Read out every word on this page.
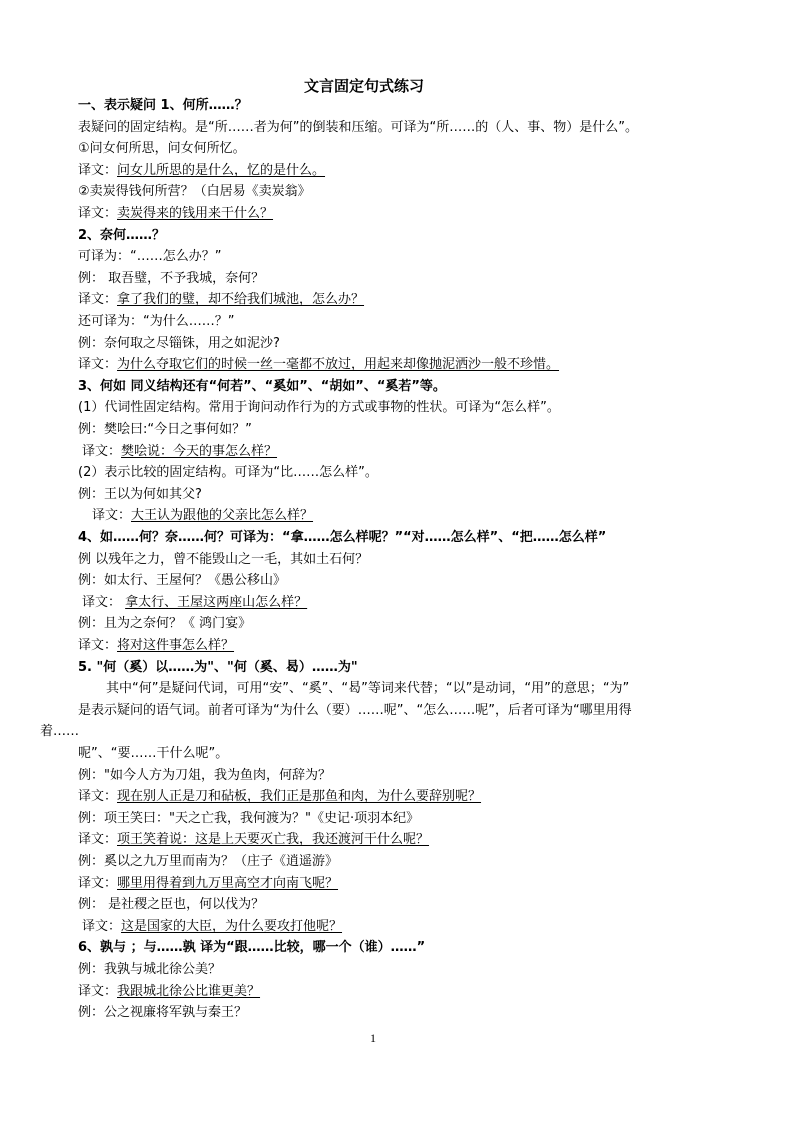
文言固定句式练习
一、表示疑问 1、何所……？
表疑问的固定结构。是“所……者为何”的倒装和压缩。可译为“所……的（人、事、物）是什么”。
①问女何所思，问女何所忆。
译文：问女儿所思的是什么，忆的是什么。
②卖炭得钱何所营？（白居易《卖炭翁》
译文：卖炭得来的钱用来干什么？
2、奈何……？
可译为：“……怎么办？”
例： 取吾璧，不予我城，奈何？
译文：拿了我们的璧，却不给我们城池，怎么办？
还可译为：“为什么……？”
例：奈何取之尽锱铢，用之如泥沙?
译文：为什么夺取它们的时候一丝一毫都不放过，用起来却像抛泥洒沙一般不珍惜。
3、何如 同义结构还有“何若”、“奚如”、“胡如”、“奚若”等。
(1）代词性固定结构。常用于询问动作行为的方式或事物的性状。可译为“怎么样”。
例：樊哙曰:“今日之事何如？”
译文：樊哙说：今天的事怎么样？
(2）表示比较的固定结构。可译为“比……怎么样”。
例：王以为何如其父?
译文：大王认为跟他的父亲比怎么样？
4、如……何？奈……何？可译为：“拿……怎么样呢？”“对……怎么样”、“把……怎么样”
例 以残年之力，曾不能毁山之一毛，其如土石何？
例：如太行、王屋何？《愚公移山》
译文： 拿太行、王屋这两座山怎么样？
例：且为之奈何？《 鸿门宴》
译文：将对这件事怎么样？
5. "何（奚）以……为"、"何（奚、曷）……为"
其中“何”是疑问代词，可用“安”、“奚”、“曷”等词来代替；“以”是动词，“用”的意思；“为”
是表示疑问的语气词。前者可译为“为什么（要）……呢”、“怎么……呢”，后者可译为“哪里用得
着……
呢”、“要……干什么呢”。
例："如今人方为刀俎，我为鱼肉，何辞为？
译文：现在别人正是刀和砧板，我们正是那鱼和肉，为什么要辞别呢？
例：项王笑曰："天之亡我，我何渡为？"《史记·项羽本纪》
译文：项王笑着说：这是上天要灭亡我，我还渡河干什么呢？
例：奚以之九万里而南为？（庄子《逍遥游》
译文：哪里用得着到九万里高空才向南飞呢？
例： 是社稷之臣也，何以伐为？
译文：这是国家的大臣，为什么要攻打他呢？
6、孰与 ；与……孰 译为“跟……比较，哪一个（谁）……”
例：我孰与城北徐公美？
译文：我跟城北徐公比谁更美？
例：公之视廉将军孰与秦王？
1
